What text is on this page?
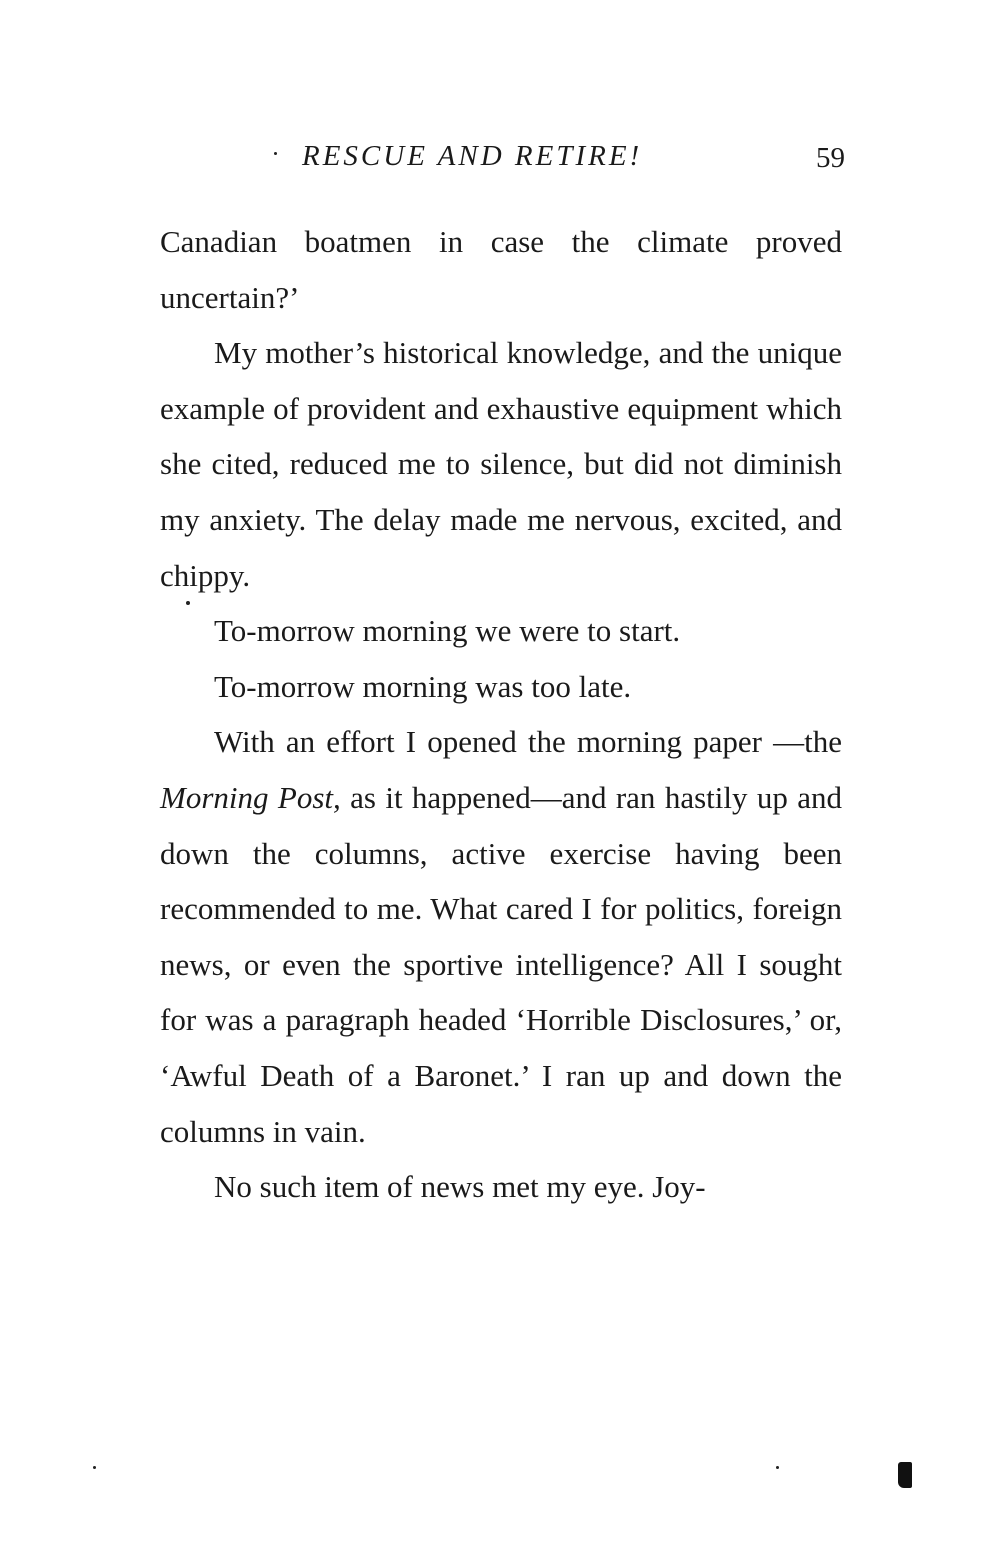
RESCUE AND RETIRE!	59

Canadian boatmen in case the climate proved uncertain?’

My mother’s historical knowledge, and the unique example of provident and exhaustive equipment which she cited, reduced me to silence, but did not diminish my anxiety. The delay made me nervous, excited, and chippy.

To-morrow morning we were to start.

To-morrow morning was too late.

With an effort I opened the morning paper —the Morning Post, as it happened—and ran hastily up and down the columns, active exercise having been recommended to me. What cared I for politics, foreign news, or even the sportive intelligence? All I sought for was a paragraph headed ‘Horrible Disclosures,’ or, ‘Awful Death of a Baronet.’ I ran up and down the columns in vain.

No such item of news met my eye. Joy-
